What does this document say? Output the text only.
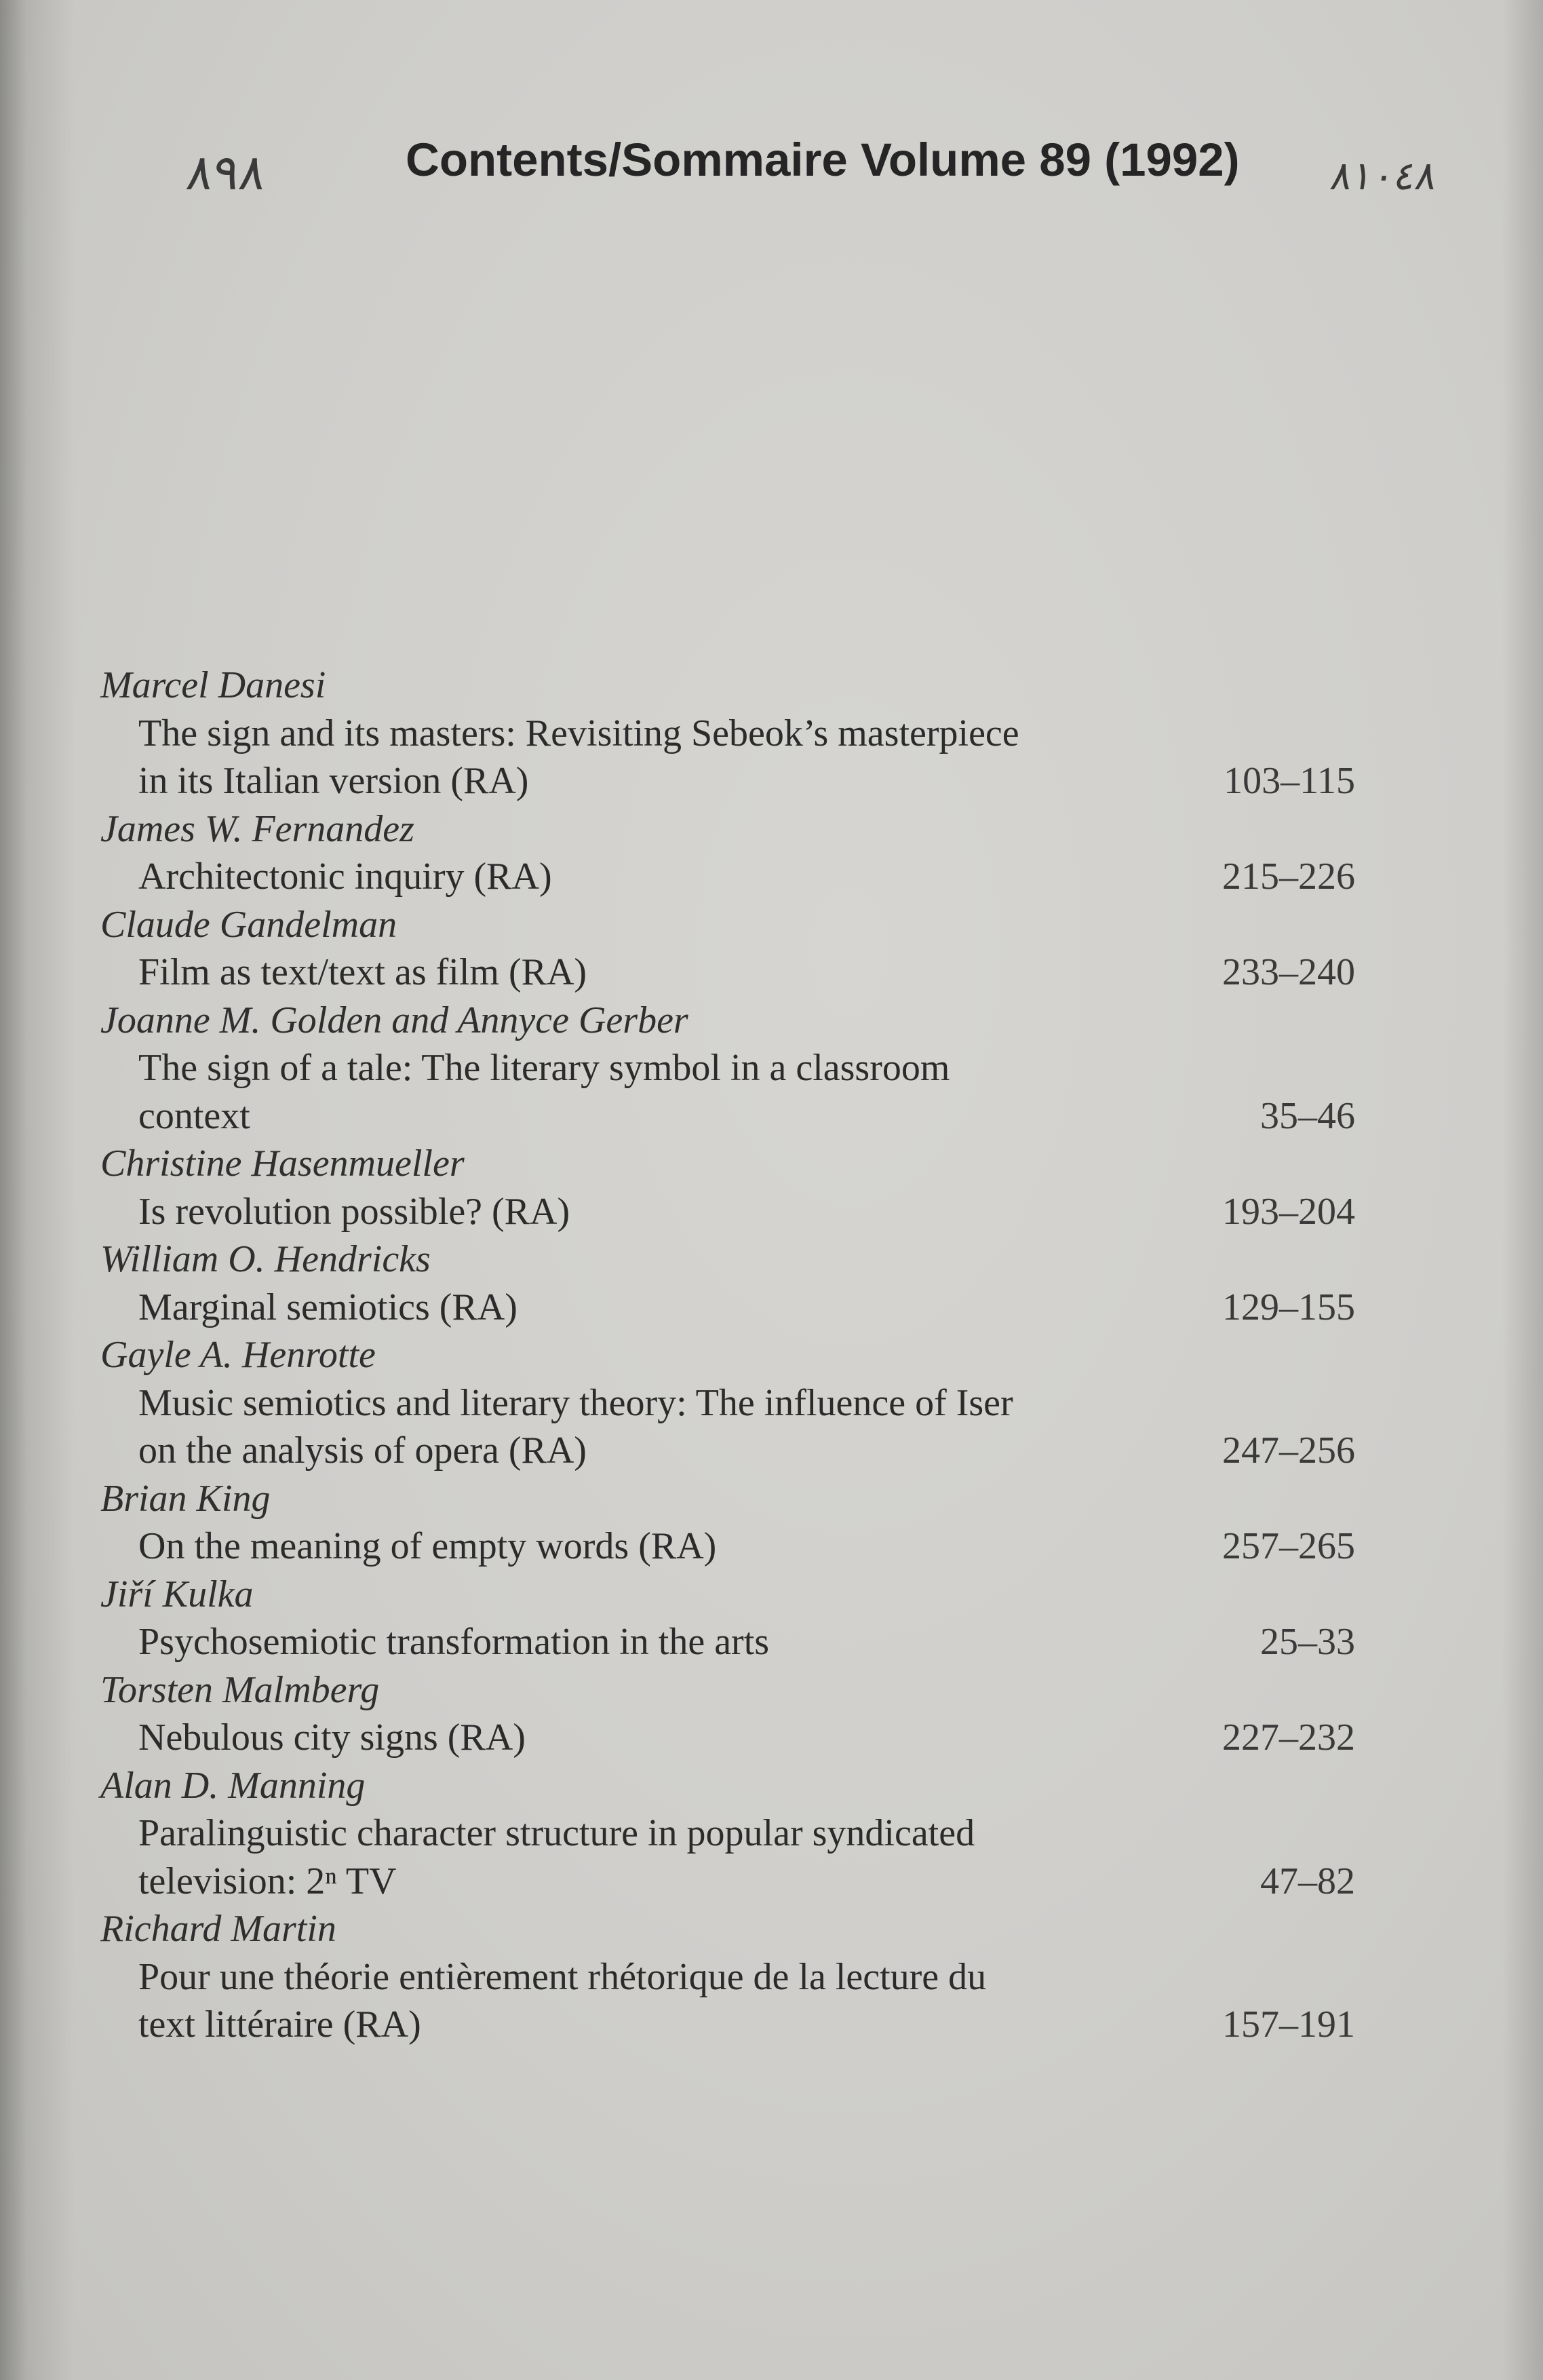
٨٩٨	Contents/Sommaire Volume 89 (1992) ٨١٠٤٨
Marcel Danesi
The sign and its masters: Revisiting Sebeok’s masterpiece
in its Italian version (RA)	103–115
James W. Fernandez
Architectonic inquiry (RA)	215–226
Claude Gandelman
Film as text/text as film (RA)	233–240
Joanne M. Golden and Annyce Gerber
The sign of a tale: The literary symbol in a classroom
context	35–46
Christine Hasenmueller
Is revolution possible? (RA)	193–204
William O. Hendricks
Marginal semiotics (RA)	129–155
Gayle A. Henrotte
Music semiotics and literary theory: The influence of Iser
on the analysis of opera (RA)	247–256
Brian King
On the meaning of empty words (RA)	257–265
Jiří Kulka
Psychosemiotic transformation in the arts	25–33
Torsten Malmberg
Nebulous city signs (RA)	227–232
Alan D. Manning
Paralinguistic character structure in popular syndicated
television: 2ⁿ TV	47–82
Richard Martin
Pour une théorie entièrement rhétorique de la lecture du
text littéraire (RA)	157–191
